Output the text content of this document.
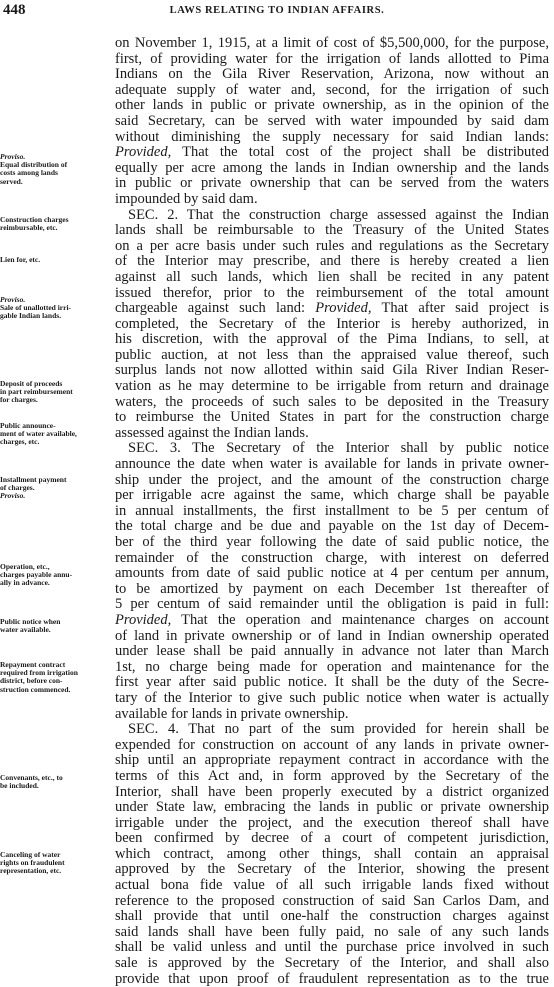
448	LAWS RELATING TO INDIAN AFFAIRS.
Proviso.
Equal distribution of
costs among lands
served.
Construction charges
reimbursable, etc.
Lien for, etc.
Proviso.
Sale of unallotted irri-
gable Indian lands.
Deposit of proceeds
in part reimbursement
for charges.
Public announce-
ment of water available,
charges, etc.
Installment payment
of charges.
Proviso.
Operation, etc.,
charges payable annu-
ally in advance.
Public notice when
water available.
Repayment contract
required from irrigation
district, before con-
struction commenced.
Convenants, etc., to
be included.
Canceling of water
rights on fraudulent
representation, etc.
on November 1, 1915, at a limit of cost of $5,500,000, for the purpose,
first, of providing water for the irrigation of lands allotted to Pima
Indians on the Gila River Reservation, Arizona, now without an
adequate supply of water and, second, for the irrigation of such
other lands in public or private ownership, as in the opinion of the
said Secretary, can be served with water impounded by said dam
without diminishing the supply necessary for said Indian lands:
Provided, That the total cost of the project shall be distributed
equally per acre among the lands in Indian ownership and the lands
in public or private ownership that can be served from the waters
impounded by said dam.
SEC. 2. That the construction charge assessed against the Indian
lands shall be reimbursable to the Treasury of the United States
on a per acre basis under such rules and regulations as the Secretary
of the Interior may prescribe, and there is hereby created a lien
against all such lands, which lien shall be recited in any patent
issued therefor, prior to the reimbursement of the total amount
chargeable against such land: Provided, That after said project is
completed, the Secretary of the Interior is hereby authorized, in
his discretion, with the approval of the Pima Indians, to sell, at
public auction, at not less than the appraised value thereof, such
surplus lands not now allotted within said Gila River Indian Reser-
vation as he may determine to be irrigable from return and drainage
waters, the proceeds of such sales to be deposited in the Treasury
to reimburse the United States in part for the construction charge
assessed against the Indian lands.
SEC. 3. The Secretary of the Interior shall by public notice
announce the date when water is available for lands in private owner-
ship under the project, and the amount of the construction charge
per irrigable acre against the same, which charge shall be payable
in annual installments, the first installment to be 5 per centum of
the total charge and be due and payable on the 1st day of Decem-
ber of the third year following the date of said public notice, the
remainder of the construction charge, with interest on deferred
amounts from date of said public notice at 4 per centum per annum,
to be amortized by payment on each December 1st thereafter of
5 per centum of said remainder until the obligation is paid in full:
Provided, That the operation and maintenance charges on account
of land in private ownership or of land in Indian ownership operated
under lease shall be paid annually in advance not later than March
1st, no charge being made for operation and maintenance for the
first year after said public notice. It shall be the duty of the Secre-
tary of the Interior to give such public notice when water is actually
available for lands in private ownership.
SEC. 4. That no part of the sum provided for herein shall be
expended for construction on account of any lands in private owner-
ship until an appropriate repayment contract in accordance with the
terms of this Act and, in form approved by the Secretary of the
Interior, shall have been properly executed by a district organized
under State law, embracing the lands in public or private ownership
irrigable under the project, and the execution thereof shall have
been confirmed by decree of a court of competent jurisdiction,
which contract, among other things, shall contain an appraisal
approved by the Secretary of the Interior, showing the present
actual bona fide value of all such irrigable lands fixed without
reference to the proposed construction of said San Carlos Dam, and
shall provide that until one-half the construction charges against
said lands shall have been fully paid, no sale of any such lands
shall be valid unless and until the purchase price involved in such
sale is approved by the Secretary of the Interior, and shall also
provide that upon proof of fraudulent representation as to the true
